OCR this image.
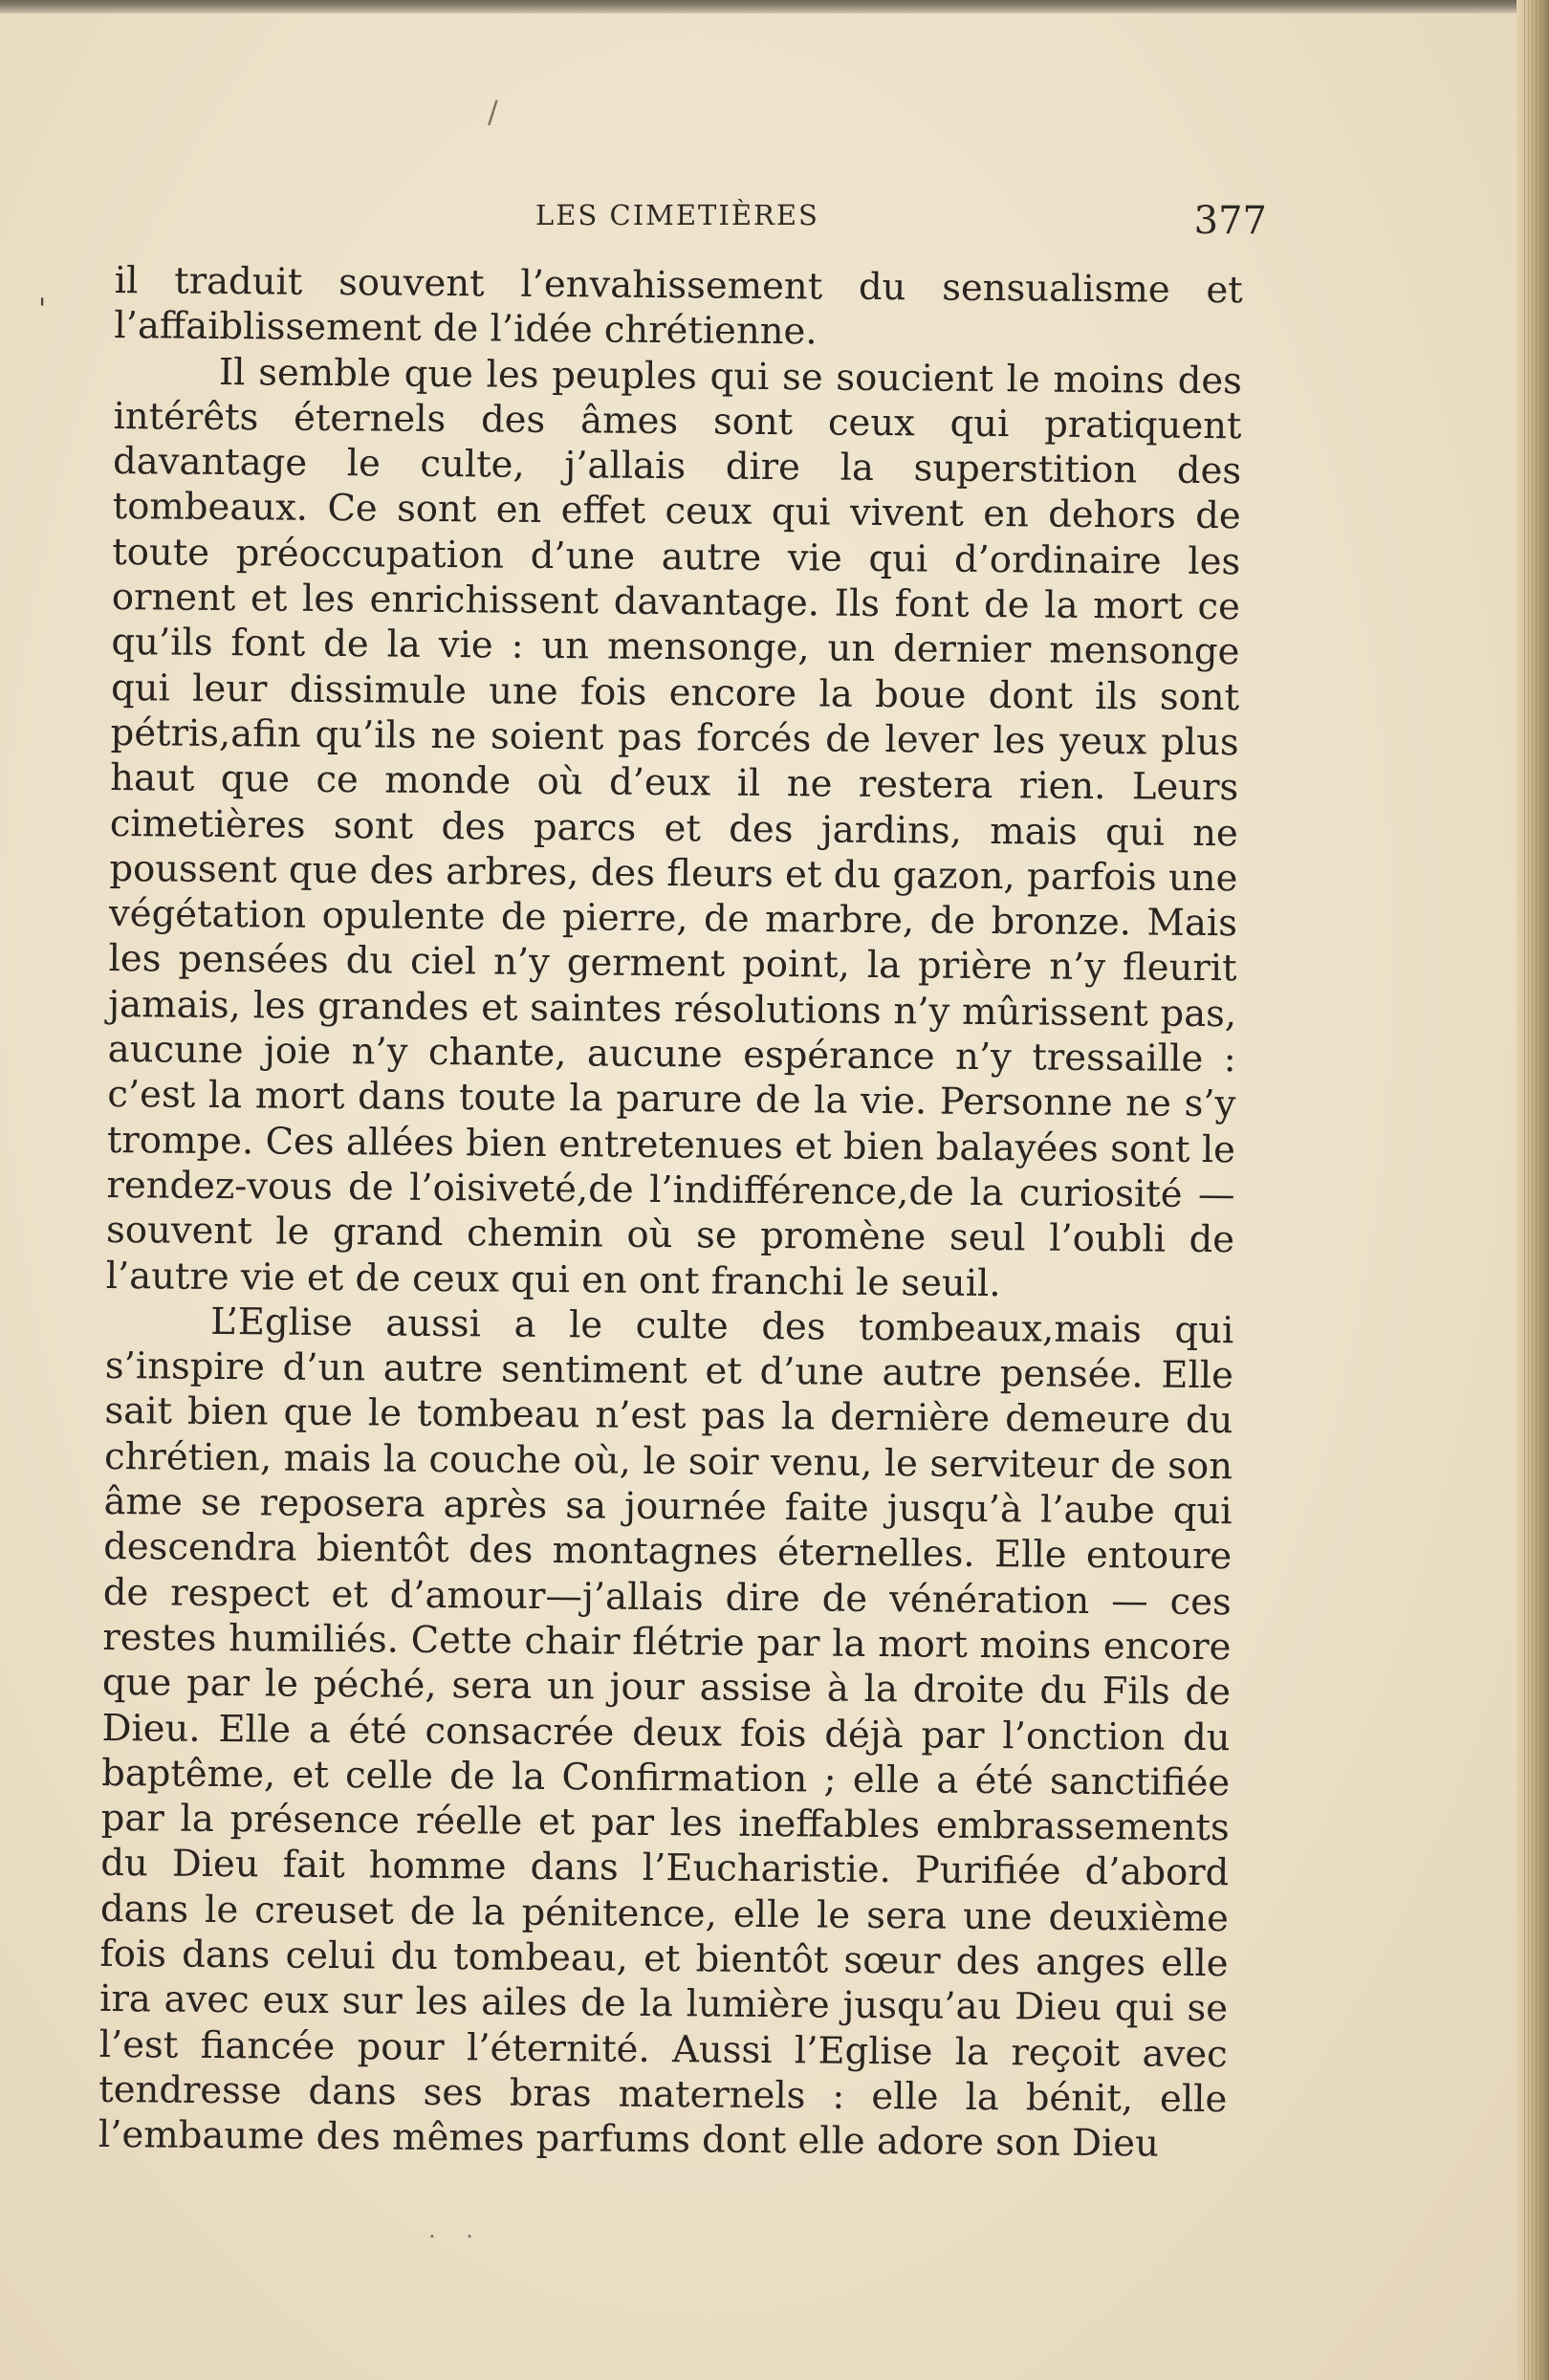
/
'
LES CIMETIÈRES	377

il traduit souvent l’envahissement du sensualisme et l’affaiblissement de l’idée chrétienne.

Il semble que les peuples qui se soucient le moins des intérêts éternels des âmes sont ceux qui pratiquent davantage le culte, j’allais dire la superstition des tombeaux. Ce sont en effet ceux qui vivent en dehors de toute préoccupation d’une autre vie qui d’ordinaire les ornent et les enrichissent davantage. Ils font de la mort ce qu’ils font de la vie : un mensonge, un dernier mensonge qui leur dissimule une fois encore la boue dont ils sont pétris,afin qu’ils ne soient pas forcés de lever les yeux plus haut que ce monde où d’eux il ne restera rien. Leurs cimetières sont des parcs et des jardins, mais qui ne poussent que des arbres, des fleurs et du gazon, parfois une végétation opulente de pierre, de marbre, de bronze. Mais les pensées du ciel n’y germent point, la prière n’y fleurit jamais, les grandes et saintes résolutions n’y mûrissent pas, aucune joie n’y chante, aucune espérance n’y tressaille : c’est la mort dans toute la parure de la vie. Personne ne s’y trompe. Ces allées bien entretenues et bien balayées sont le rendez-vous de l’oisiveté,de l’indifférence,de la curiosité —souvent le grand chemin où se promène seul l’oubli de l’autre vie et de ceux qui en ont franchi le seuil.

L’Eglise aussi a le culte des tombeaux,mais qui s’inspire d’un autre sentiment et d’une autre pensée. Elle sait bien que le tombeau n’est pas la dernière demeure du chrétien, mais la couche où, le soir venu, le serviteur de son âme se reposera après sa journée faite jusqu’à l’aube qui descendra bientôt des montagnes éternelles. Elle entoure de respect et d’amour—j’allais dire de vénération — ces restes humiliés. Cette chair flétrie par la mort moins encore que par le péché, sera un jour assise à la droite du Fils de Dieu. Elle a été consacrée deux fois déjà par l’onction du baptême, et celle de la Confirmation ; elle a été sanctifiée par la présence réelle et par les ineffables embrassements du Dieu fait homme dans l’Eucharistie. Purifiée d’abord dans le creuset de la pénitence, elle le sera une deuxième fois dans celui du tombeau, et bientôt sœur des anges elle ira avec eux sur les ailes de la lumière jusqu’au Dieu qui se l’est fiancée pour l’éternité. Aussi l’Eglise la reçoit avec tendresse dans ses bras maternels : elle la bénit, elle l’embaume des mêmes parfums dont elle adore son Dieu

. .
